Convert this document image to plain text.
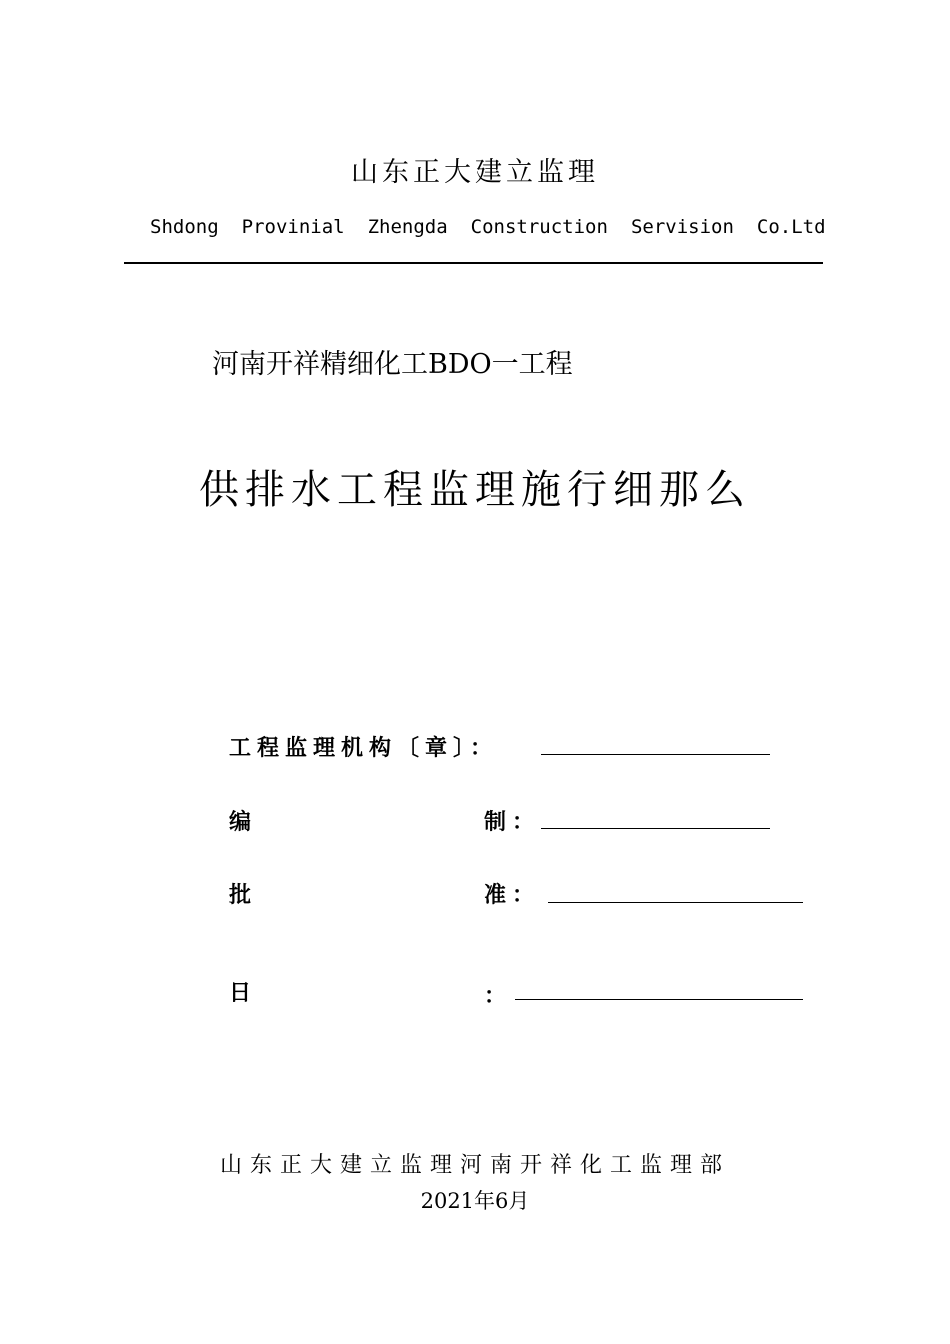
山东正大建立监理
Shdong Provinial Zhengda Construction Servision Co.Ltd
河南开祥精细化工BDO一工程
供排水工程监理施行细那么
工程监理机构〔章〕：
编	制：
批	准：
日	：
山东正大建立监理河南开祥化工监理部
2021年6月
